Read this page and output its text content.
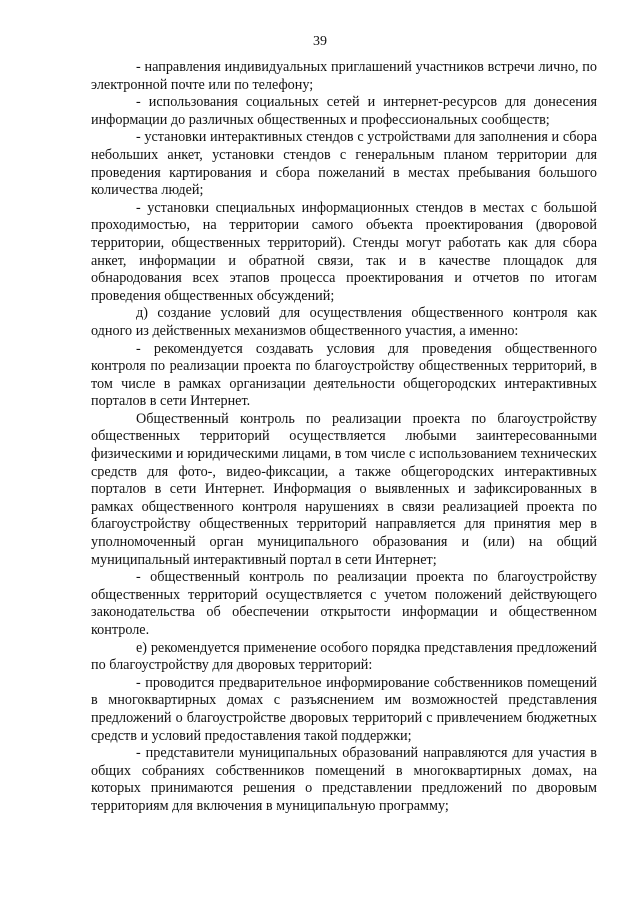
39

- направления индивидуальных приглашений участников встречи лично, по электронной почте или по телефону;

- использования социальных сетей и интернет-ресурсов для донесения информации до различных общественных и профессиональных сообществ;

- установки интерактивных стендов с устройствами для заполнения и сбора небольших анкет, установки стендов с генеральным планом территории для проведения картирования и сбора пожеланий в местах пребывания большого количества людей;

- установки специальных информационных стендов в местах с большой проходимостью, на территории самого объекта проектирования (дворовой территории, общественных территорий). Стенды могут работать как для сбора анкет, информации и обратной связи, так и в качестве площадок для обнародования всех этапов процесса проектирования и отчетов по итогам проведения общественных обсуждений;

д) создание условий для осуществления общественного контроля как одного из действенных механизмов общественного участия, а именно:

- рекомендуется создавать условия для проведения общественного контроля по реализации проекта по благоустройству общественных территорий, в том числе в рамках организации деятельности общегородских интерактивных порталов в сети Интернет.

Общественный контроль по реализации проекта по благоустройству общественных территорий осуществляется любыми заинтересованными физическими и юридическими лицами, в том числе с использованием технических средств для фото-, видео-фиксации, а также общегородских интерактивных порталов в сети Интернет. Информация о выявленных и зафиксированных в рамках общественного контроля нарушениях в связи реализацией проекта по благоустройству общественных территорий направляется для принятия мер в уполномоченный орган муниципального образования и (или) на общий муниципальный интерактивный портал в сети Интернет;

- общественный контроль по реализации проекта по благоустройству общественных территорий осуществляется с учетом положений действующего законодательства об обеспечении открытости информации и общественном контроле.

е) рекомендуется применение особого порядка представления предложений по благоустройству для дворовых территорий:

- проводится предварительное информирование собственников помещений в многоквартирных домах с разъяснением им возможностей представления предложений о благоустройстве дворовых территорий с привлечением бюджетных средств и условий предоставления такой поддержки;

- представители муниципальных образований направляются для участия в общих собраниях собственников помещений в многоквартирных домах, на которых принимаются решения о представлении предложений по дворовым территориям для включения в муниципальную программу;
